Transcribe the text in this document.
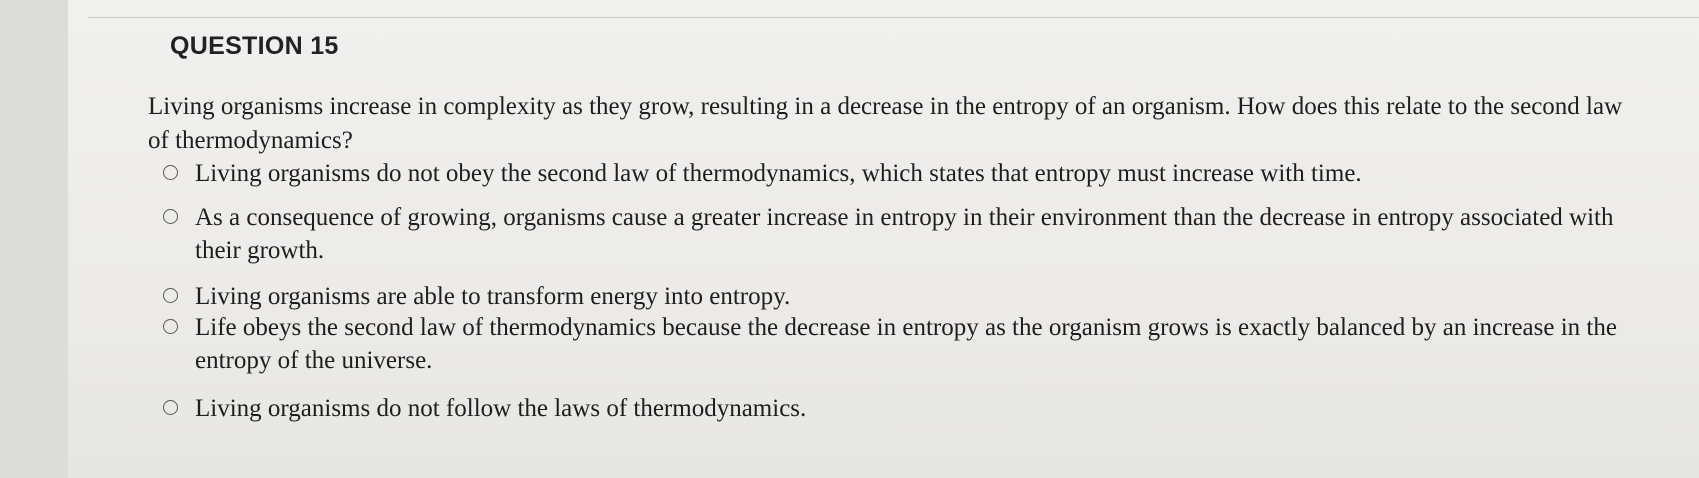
QUESTION 15

Living organisms increase in complexity as they grow, resulting in a decrease in the entropy of an organism. How does this relate to the second law of thermodynamics?

Living organisms do not obey the second law of thermodynamics, which states that entropy must increase with time.
As a consequence of growing, organisms cause a greater increase in entropy in their environment than the decrease in entropy associated with their growth.
Living organisms are able to transform energy into entropy.
Life obeys the second law of thermodynamics because the decrease in entropy as the organism grows is exactly balanced by an increase in the entropy of the universe.
Living organisms do not follow the laws of thermodynamics.
